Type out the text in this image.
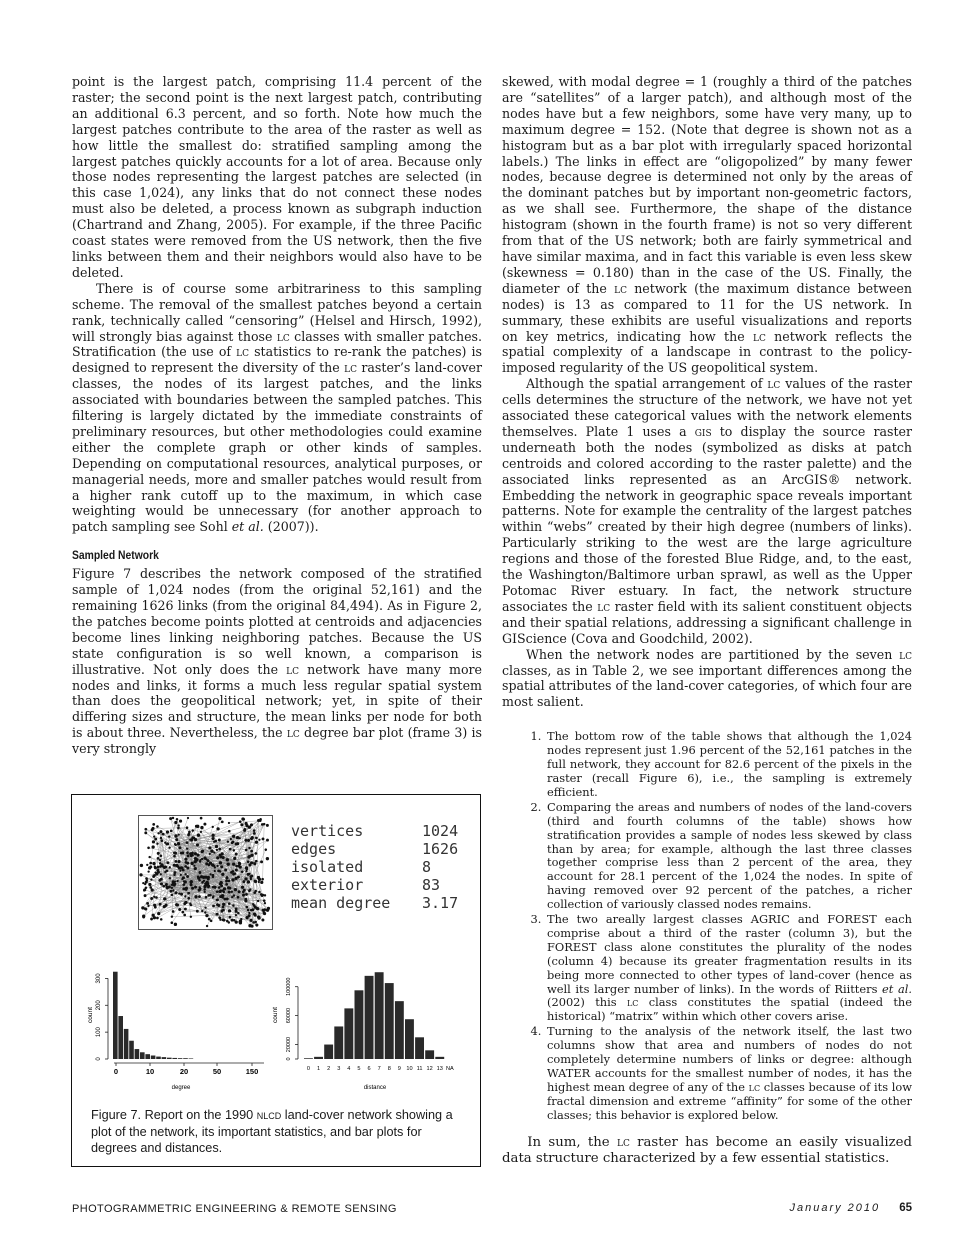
point is the largest patch, comprising 11.4 percent of the raster; the second point is the next largest patch, contributing an additional 6.3 percent, and so forth. Note how much the largest patches contribute to the area of the raster as well as how little the smallest do: stratified sampling among the largest patches quickly accounts for a lot of area. Because only those nodes representing the largest patches are selected (in this case 1,024), any links that do not connect these nodes must also be deleted, a process known as subgraph induction (Chartrand and Zhang, 2005). For example, if the three Pacific coast states were removed from the US network, then the five links between them and their neighbors would also have to be deleted.

There is of course some arbitrariness to this sampling scheme. The removal of the smallest patches beyond a certain rank, technically called “censoring” (Helsel and Hirsch, 1992), will strongly bias against those lc classes with smaller patches. Stratification (the use of lc statistics to re-rank the patches) is designed to represent the diversity of the lc raster’s land-cover classes, the nodes of its largest patches, and the links associated with boundaries between the sampled patches. This filtering is largely dictated by the immediate constraints of preliminary resources, but other methodologies could examine either the complete graph or other kinds of samples. Depending on computational resources, analytical purposes, or managerial needs, more and smaller patches would result from a higher rank cutoff up to the maximum, in which case weighting would be unnecessary (for another approach to patch sampling see Sohl et al. (2007)).

Sampled Network

Figure 7 describes the network composed of the stratified sample of 1,024 nodes (from the original 52,161) and the remaining 1626 links (from the original 84,494). As in Figure 2, the patches become points plotted at centroids and adjacencies become lines linking neighboring patches. Because the US state configuration is so well known, a comparison is illustrative. Not only does the lc network have many more nodes and links, it forms a much less regular spatial system than does the geopolitical network; yet, in spite of their differing sizes and structure, the mean links per node for both is about three. Nevertheless, the lc degree bar plot (frame 3) is very strongly

skewed, with modal degree = 1 (roughly a third of the patches are “satellites” of a larger patch), and although most of the nodes have but a few neighbors, some have very many, up to maximum degree = 152. (Note that degree is shown not as a histogram but as a bar plot with irregularly spaced horizontal labels.) The links in effect are “oligopolized” by many fewer nodes, because degree is determined not only by the areas of the dominant patches but by important non-geometric factors, as we shall see. Furthermore, the shape of the distance histogram (shown in the fourth frame) is not so very different from that of the US network; both are fairly symmetrical and have similar maxima, and in fact this variable is even less skew (skewness = 0.180) than in the case of the US. Finally, the diameter of the lc network (the maximum distance between nodes) is 13 as compared to 11 for the US network. In summary, these exhibits are useful visualizations and reports on key metrics, indicating how the lc network reflects the spatial complexity of a landscape in contrast to the policy-imposed regularity of the US geopolitical system.

Although the spatial arrangement of lc values of the raster cells determines the structure of the network, we have not yet associated these categorical values with the network elements themselves. Plate 1 uses a gis to display the source raster underneath both the nodes (symbolized as disks at patch centroids and colored according to the raster palette) and the associated links represented as an ArcGIS® network. Embedding the network in geographic space reveals important patterns. Note for example the centrality of the largest patches within “webs” created by their high degree (numbers of links). Particularly striking to the west are the large agriculture regions and those of the forested Blue Ridge, and, to the east, the Washington/Baltimore urban sprawl, as well as the Upper Potomac River estuary. In fact, the network structure associates the lc raster field with its salient constituent objects and their spatial relations, addressing a significant challenge in GIScience (Cova and Goodchild, 2002).

When the network nodes are partitioned by the seven lc classes, as in Table 2, we see important differences among the spatial attributes of the land-cover categories, of which four are most salient.

1. The bottom row of the table shows that although the 1,024 nodes represent just 1.96 percent of the 52,161 patches in the full network, they account for 82.6 percent of the pixels in the raster (recall Figure 6), i.e., the sampling is extremely efficient.
2. Comparing the areas and numbers of nodes of the land-covers (third and fourth columns of the table) shows how stratification provides a sample of nodes less skewed by class than by area; for example, although the last three classes together comprise less than 2 percent of the area, they account for 28.1 percent of the 1,024 the nodes. In spite of having removed over 92 percent of the patches, a richer collection of variously classed nodes remains.
3. The two areally largest classes AGRIC and FOREST each comprise about a third of the raster (column 3), but the FOREST class alone constitutes the plurality of the nodes (column 4) because its greater fragmentation results in its being more connected to other types of land-cover (hence as well its larger number of links). In the words of Riitters et al. (2002) this lc class constitutes the spatial (indeed the historical) “matrix” within which other covers arise.
4. Turning to the analysis of the network itself, the last two columns show that area and numbers of nodes do not completely determine numbers of links or degree: although WATER accounts for the smallest number of nodes, it has the highest mean degree of any of the lc classes because of its low fractal dimension and extreme “affinity” for some of the other classes; this behavior is explored below.

In sum, the lc raster has become an easily visualized data structure characterized by a few essential statistics.

vertices	1024
edges	1626
isolated	8
exterior	83
mean degree	3.17
0
100
200
300
count
0	10	20	50	150
degree
0
20000
60000
100000
count
0 1 2 3 4 5 6 7 8 9 10 11 12 13 NA
distance
Figure 7. Report on the 1990 nlcd land-cover network showing a plot of the network, its important statistics, and bar plots for degrees and distances.
PHOTOGRAMMETRIC ENGINEERING & REMOTE SENSING	January 2010 65
